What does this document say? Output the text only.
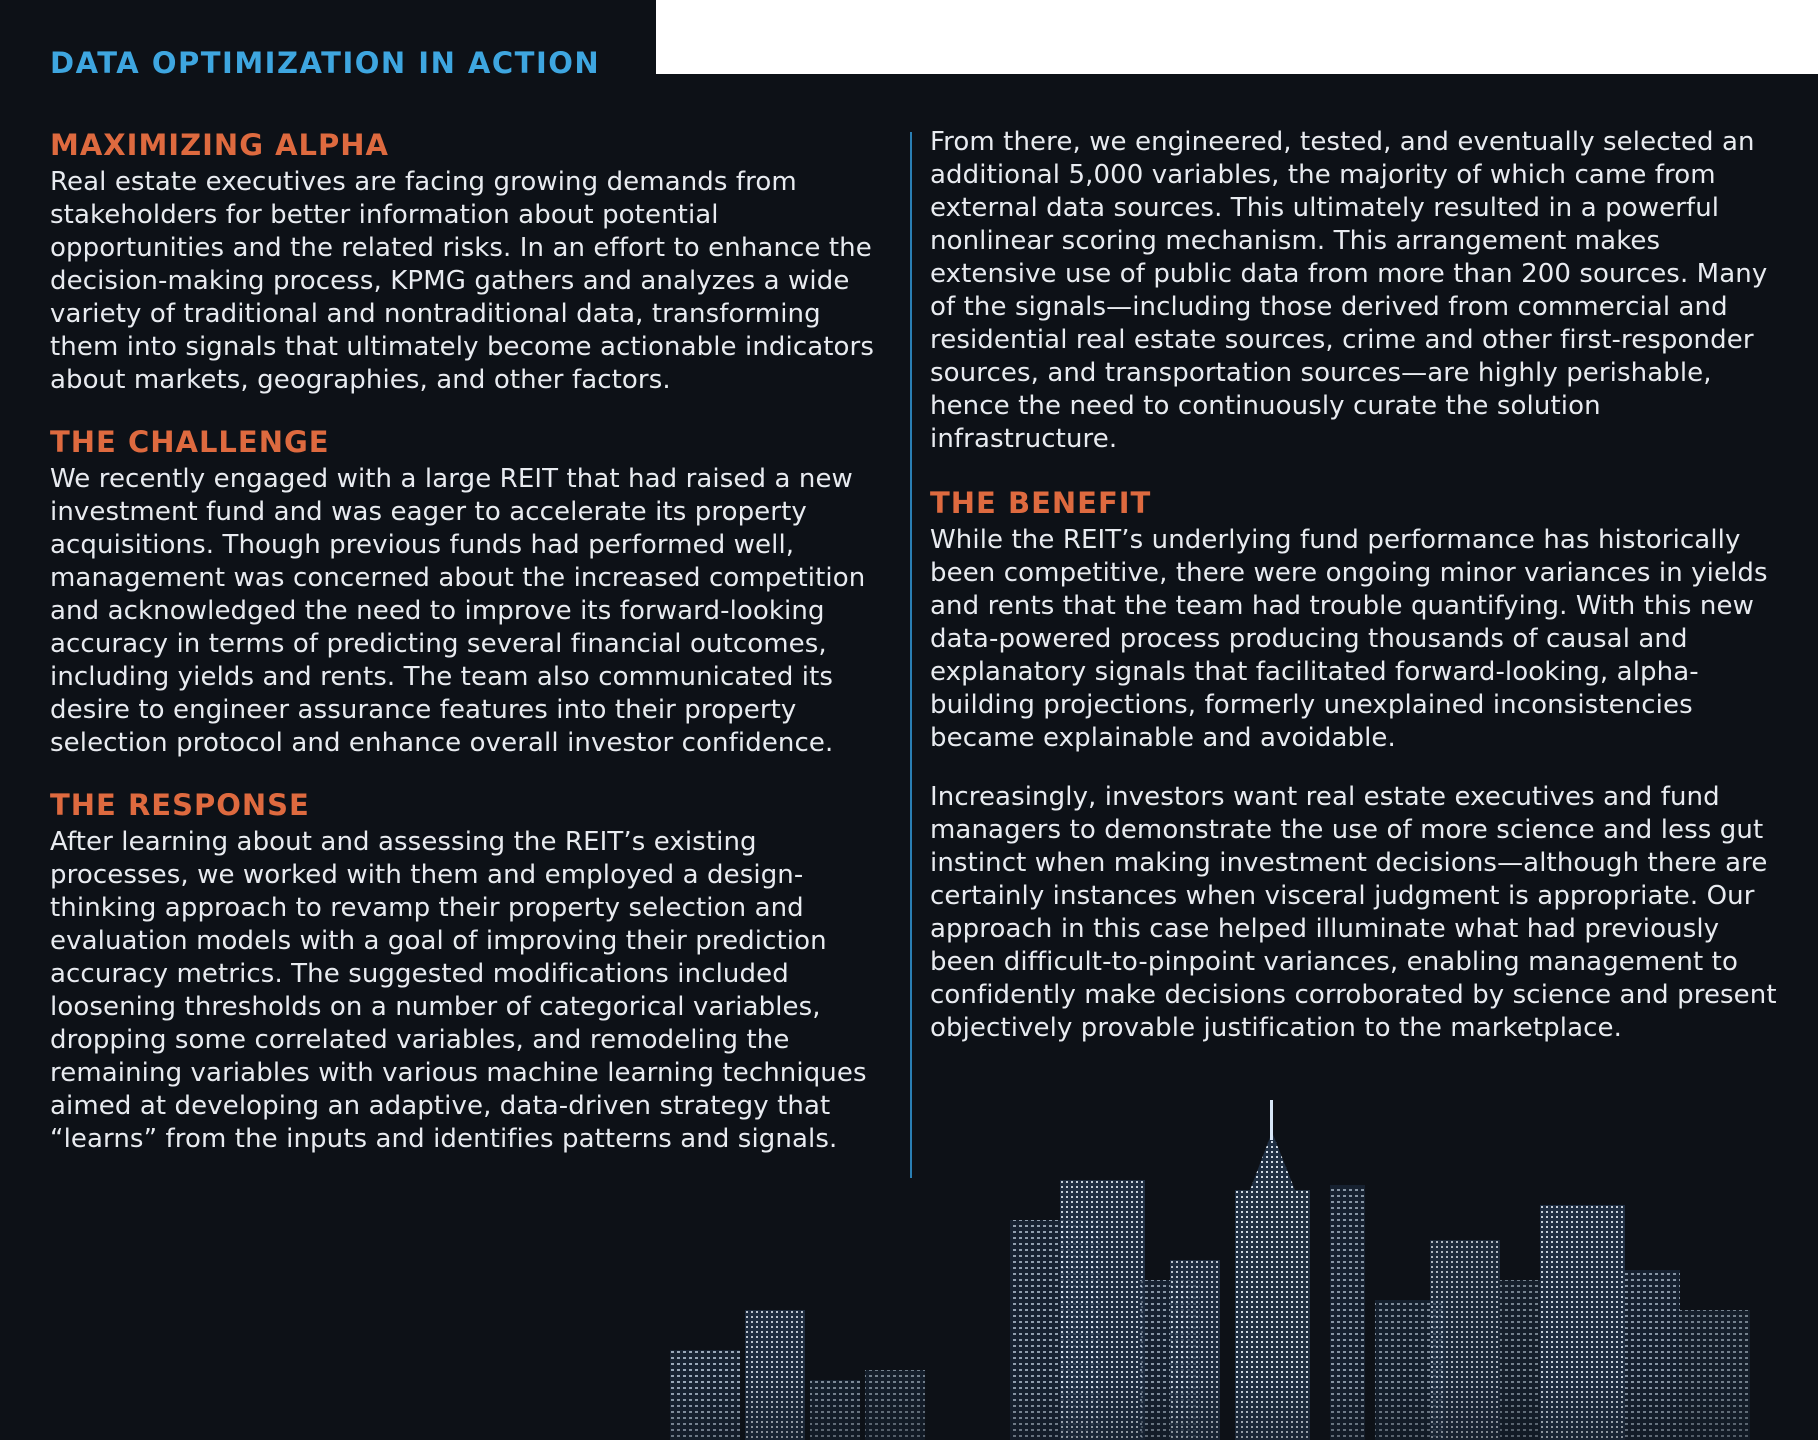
DATA OPTIMIZATION IN ACTION
MAXIMIZING ALPHA

Real estate executives are facing growing demands from stakeholders for better information about potential opportunities and the related risks. In an effort to enhance the decision-making process, KPMG gathers and analyzes a wide variety of traditional and nontraditional data, transforming them into signals that ultimately become actionable indicators about markets, geographies, and other factors.

THE CHALLENGE

We recently engaged with a large REIT that had raised a new investment fund and was eager to accelerate its property acquisitions. Though previous funds had performed well, management was concerned about the increased competition and acknowledged the need to improve its forward-looking accuracy in terms of predicting several financial outcomes, including yields and rents. The team also communicated its desire to engineer assurance features into their property selection protocol and enhance overall investor confidence.

THE RESPONSE

After learning about and assessing the REIT’s existing processes, we worked with them and employed a design-thinking approach to revamp their property selection and evaluation models with a goal of improving their prediction accuracy metrics. The suggested modifications included loosening thresholds on a number of categorical variables, dropping some correlated variables, and remodeling the remaining variables with various machine learning techniques aimed at developing an adaptive, data-driven strategy that “learns” from the inputs and identifies patterns and signals.

From there, we engineered, tested, and eventually selected an additional 5,000 variables, the majority of which came from external data sources. This ultimately resulted in a powerful nonlinear scoring mechanism. This arrangement makes extensive use of public data from more than 200 sources. Many of the signals—including those derived from commercial and residential real estate sources, crime and other first-responder sources, and transportation sources—are highly perishable, hence the need to continuously curate the solution infrastructure.

THE BENEFIT

While the REIT’s underlying fund performance has historically been competitive, there were ongoing minor variances in yields and rents that the team had trouble quantifying. With this new data-powered process producing thousands of causal and explanatory signals that facilitated forward-looking, alpha-building projections, formerly unexplained inconsistencies became explainable and avoidable.

Increasingly, investors want real estate executives and fund managers to demonstrate the use of more science and less gut instinct when making investment decisions—although there are certainly instances when visceral judgment is appropriate. Our approach in this case helped illuminate what had previously been difficult-to-pinpoint variances, enabling management to confidently make decisions corroborated by science and present objectively provable justification to the marketplace.
